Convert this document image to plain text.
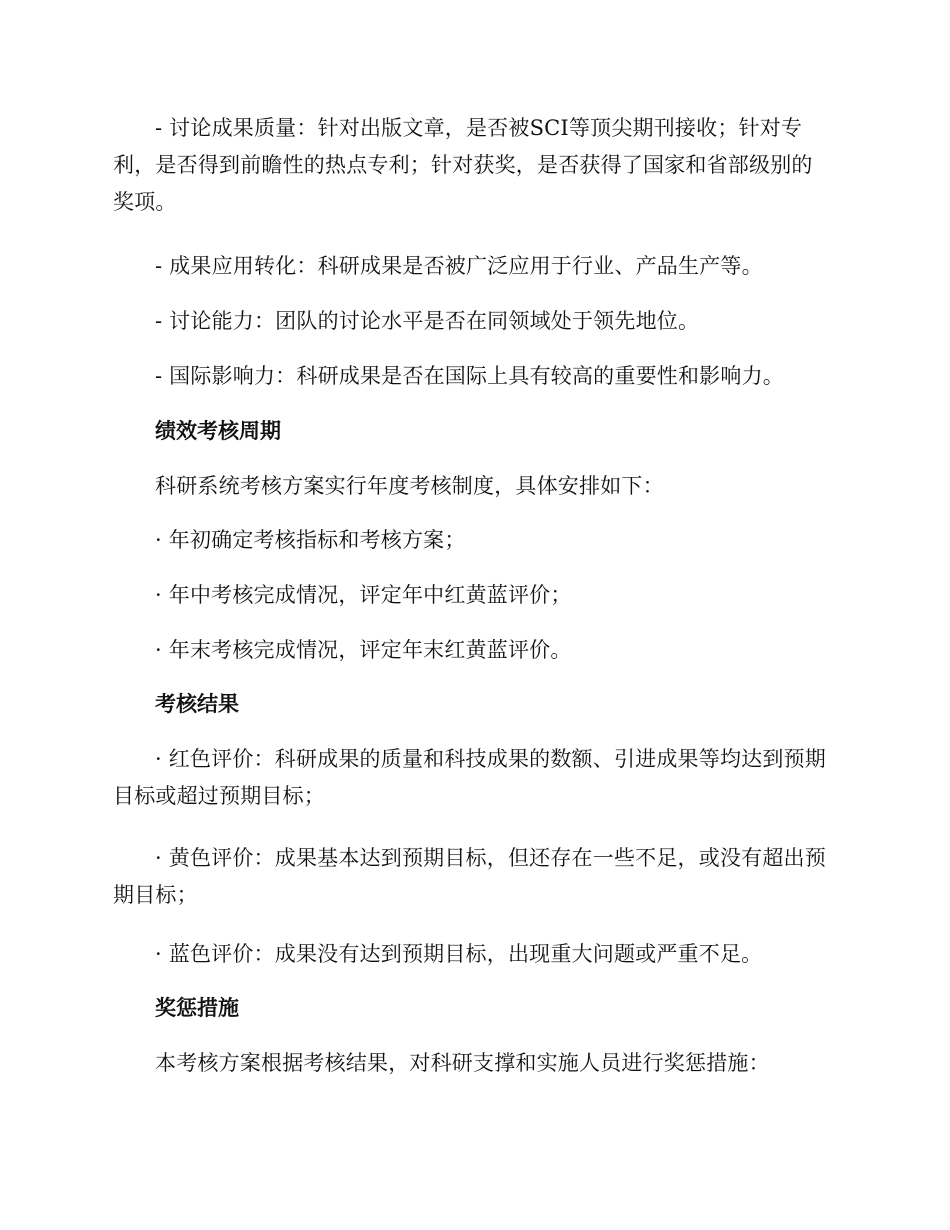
- 讨论成果质量：针对出版文章，是否被SCI等顶尖期刊接收；针对专利，是否得到前瞻性的热点专利；针对获奖，是否获得了国家和省部级别的奖项。

- 成果应用转化：科研成果是否被广泛应用于行业、产品生产等。

- 讨论能力：团队的讨论水平是否在同领域处于领先地位。

- 国际影响力：科研成果是否在国际上具有较高的重要性和影响力。

绩效考核周期

科研系统考核方案实行年度考核制度，具体安排如下：

· 年初确定考核指标和考核方案；

· 年中考核完成情况，评定年中红黄蓝评价；

· 年末考核完成情况，评定年末红黄蓝评价。

考核结果

· 红色评价：科研成果的质量和科技成果的数额、引进成果等均达到预期目标或超过预期目标；

· 黄色评价：成果基本达到预期目标，但还存在一些不足，或没有超出预期目标；

· 蓝色评价：成果没有达到预期目标，出现重大问题或严重不足。

奖惩措施

本考核方案根据考核结果，对科研支撑和实施人员进行奖惩措施：
